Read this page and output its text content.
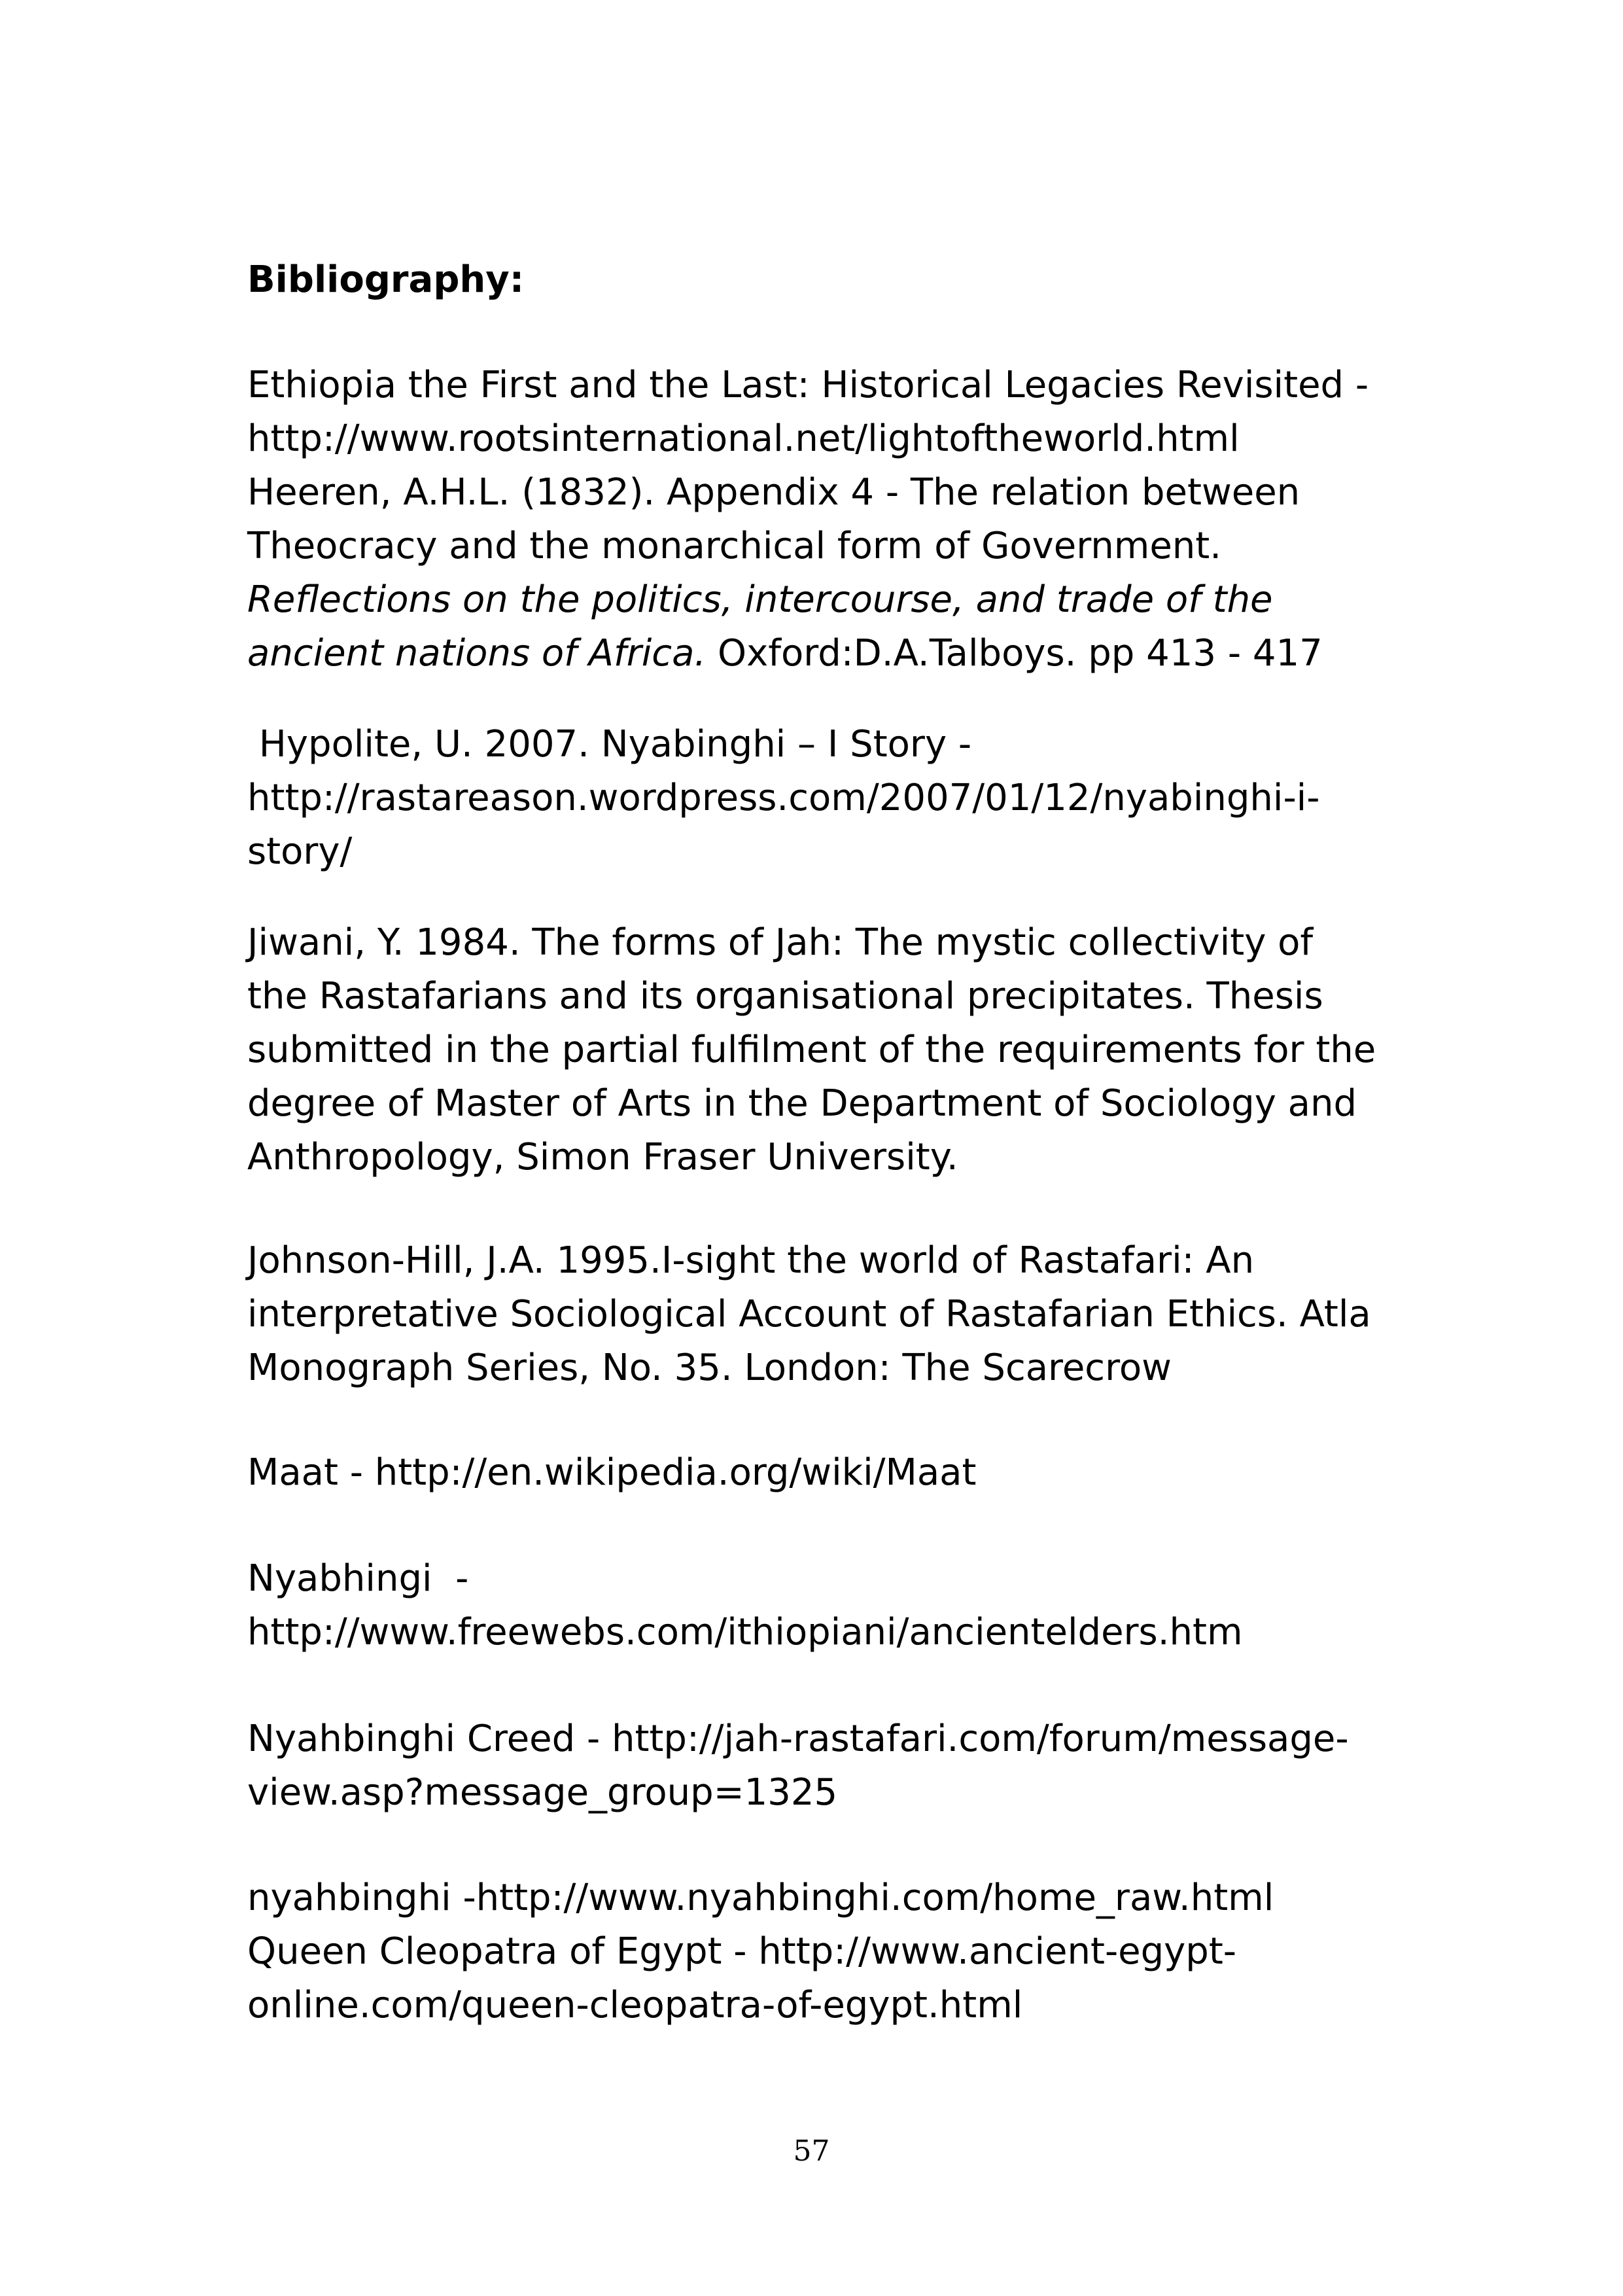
Bibliography:
Ethiopia the First and the Last: Historical Legacies Revisited -
http://www.rootsinternational.net/lightoftheworld.html
Heeren, A.H.L. (1832). Appendix 4 - The relation between
Theocracy and the monarchical form of Government.
Reflections on the politics, intercourse, and trade of the
ancient nations of Africa. Oxford:D.A.Talboys. pp 413 - 417
Hypolite, U. 2007. Nyabinghi – I Story -
http://rastareason.wordpress.com/2007/01/12/nyabinghi-i-
story/
Jiwani, Y. 1984. The forms of Jah: The mystic collectivity of
the Rastafarians and its organisational precipitates. Thesis
submitted in the partial fulfilment of the requirements for the
degree of Master of Arts in the Department of Sociology and
Anthropology, Simon Fraser University.
Johnson-Hill, J.A. 1995.I-sight the world of Rastafari: An
interpretative Sociological Account of Rastafarian Ethics. Atla
Monograph Series, No. 35. London: The Scarecrow
Maat - http://en.wikipedia.org/wiki/Maat
Nyabhingi  -
http://www.freewebs.com/ithiopiani/ancientelders.htm
Nyahbinghi Creed - http://jah-rastafari.com/forum/message-
view.asp?message_group=1325
nyahbinghi -http://www.nyahbinghi.com/home_raw.html
Queen Cleopatra of Egypt - http://www.ancient-egypt-
online.com/queen-cleopatra-of-egypt.html
57
